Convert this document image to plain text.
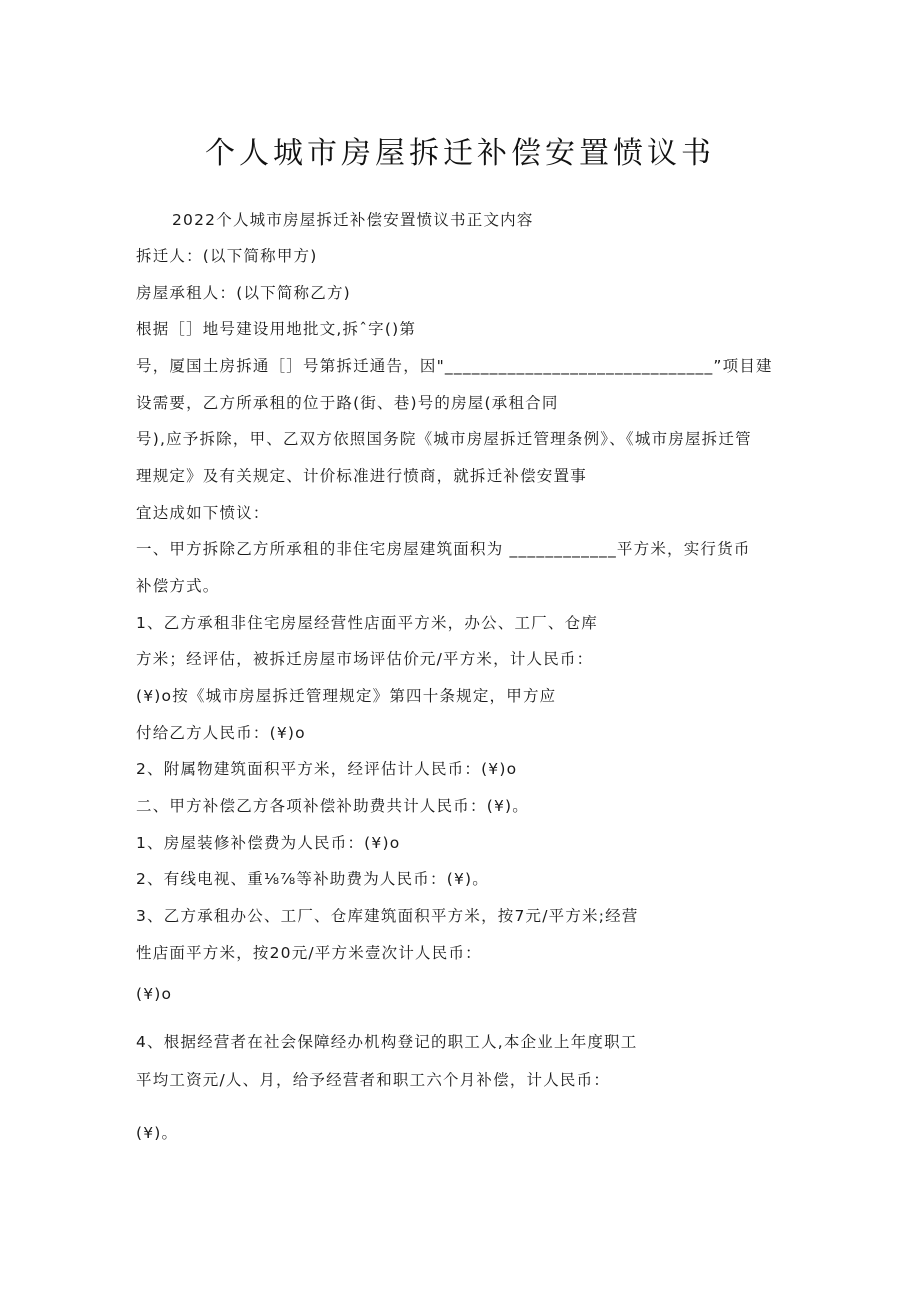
个人城市房屋拆迁补偿安置愤议书
2022个人城市房屋拆迁补偿安置愤议书正文内容
拆迁人：(以下简称甲方)
房屋承租人：(以下简称乙方)
根据［］地号建设用地批文,拆ˆ字()第
号，厦国土房拆通［］号第拆迁通告，因"______________________________”项目建
设需要，乙方所承租的位于路(街、巷)号的房屋(承租合同
号),应予拆除，甲、乙双方依照国务院《城市房屋拆迁管理条例》、《城市房屋拆迁管
理规定》及有关规定、计价标准进行愤商，就拆迁补偿安置事
宜达成如下愤议：
一、甲方拆除乙方所承租的非住宅房屋建筑面积为 ____________平方米，实行货币
补偿方式。
1、乙方承租非住宅房屋经营性店面平方米，办公、工厂、仓库
方米；经评估，被拆迁房屋市场评估价元/平方米，计人民币：
(¥)o按《城市房屋拆迁管理规定》第四十条规定，甲方应
付给乙方人民币：(¥)o
2、附属物建筑面积平方米，经评估计人民币：(¥)o
二、甲方补偿乙方各项补偿补助费共计人民币：(¥)。
1、房屋装修补偿费为人民币：(¥)o
2、有线电视、重⅛⅞等补助费为人民币：(¥)。
3、乙方承租办公、工厂、仓库建筑面积平方米，按7元/平方米;经营
性店面平方米，按20元/平方米壹次计人民币：
(¥)o
4、根据经营者在社会保障经办机构登记的职工人,本企业上年度职工
平均工资元/人、月，给予经营者和职工六个月补偿，计人民币：
(¥)。
